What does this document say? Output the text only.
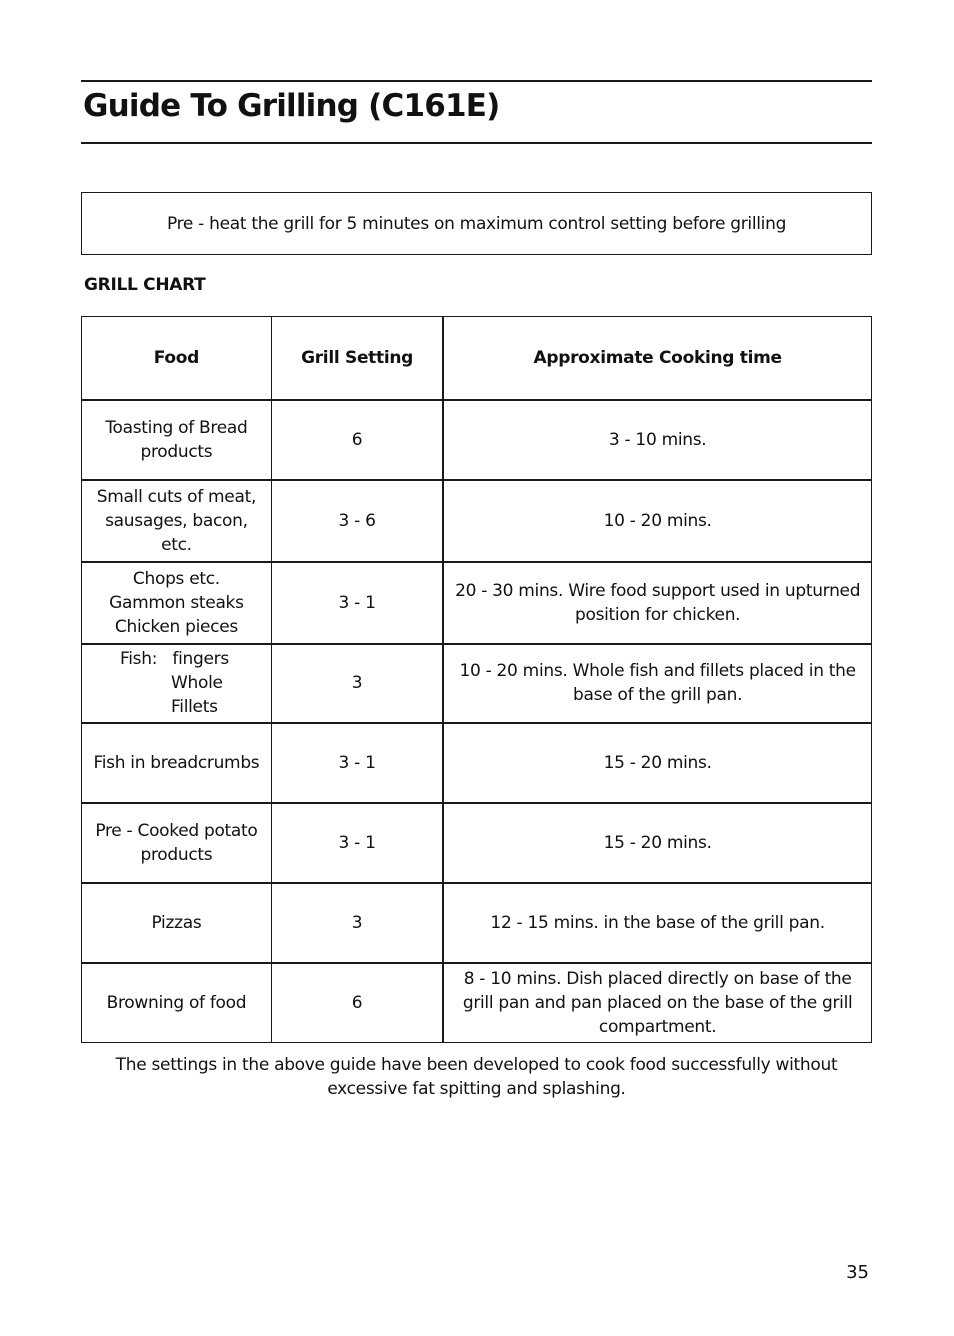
Guide To Grilling (C161E)
Pre - heat the grill for 5 minutes on maximum control setting before grilling

GRILL CHART

Food	Grill Setting	Approximate Cooking time

Toasting of Bread
products	6	3 - 10 mins.

Small cuts of meat,
sausages, bacon, etc.	3 - 6	10 - 20 mins.

Chops etc.
Gammon steaks
Chicken pieces	3 - 1	20 - 30 mins. Wire food support used in upturned position for chicken.

Fish:   fingers
Whole
Fillets	3	10 - 20 mins. Whole fish and fillets placed in the base of the grill pan.

Fish in breadcrumbs	3 - 1	15 - 20 mins.

Pre - Cooked potato
products	3 - 1	15 - 20 mins.

Pizzas	3	12 - 15 mins. in the base of the grill pan.

Browning of food	6	8 - 10 mins. Dish placed directly on base of the grill pan and pan placed on the base of the grill compartment.

The settings in the above guide have been developed to cook food successfully without excessive fat spitting and splashing.

35
